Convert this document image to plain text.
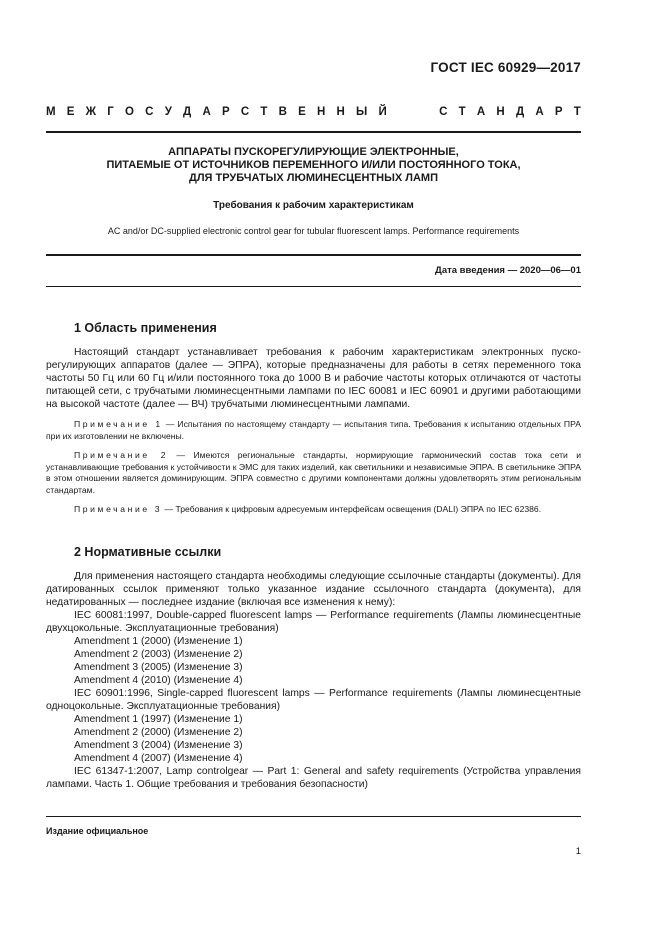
ГОСТ IEC 60929—2017
М Е Ж Г О С У Д А Р С Т В Е Н Н Ы Й	С Т А Н Д А Р Т
АППАРАТЫ ПУСКОРЕГУЛИРУЮЩИЕ ЭЛЕКТРОННЫЕ,
ПИТАЕМЫЕ ОТ ИСТОЧНИКОВ ПЕРЕМЕННОГО И/ИЛИ ПОСТОЯННОГО ТОКА,
ДЛЯ ТРУБЧАТЫХ ЛЮМИНЕСЦЕНТНЫХ ЛАМП
Требования к рабочим характеристикам
AC and/or DC-supplied electronic control gear for tubular fluorescent lamps. Performance requirements
Дата введения — 2020—06—01
1 Область применения

Настоящий стандарт устанавливает требования к рабочим характеристикам электронных пускорегулирующих аппаратов (далее — ЭПРА), которые предназначены для работы в сетях переменного тока частоты 50 Гц или 60 Гц и/или постоянного тока до 1000 В и рабочие частоты которых отличаются от частоты питающей сети, с трубчатыми люминесцентными лампами по IEC 60081 и IEC 60901 и другими работающими на высокой частоте (далее — ВЧ) трубчатыми люминесцентными лампами.

Примечание 1 — Испытания по настоящему стандарту — испытания типа. Требования к испытанию отдельных ПРА при их изготовлении не включены.

Примечание 2 — Имеются региональные стандарты, нормирующие гармонический состав тока сети и устанавливающие требования к устойчивости к ЭМС для таких изделий, как светильники и независимые ЭПРА. В светильнике ЭПРА в этом отношении является доминирующим. ЭПРА совместно с другими компонентами должны удовлетворять этим региональным стандартам.

Примечание 3 — Требования к цифровым адресуемым интерфейсам освещения (DALI) ЭПРА по IEC 62386.

2 Нормативные ссылки

Для применения настоящего стандарта необходимы следующие ссылочные стандарты (документы). Для датированных ссылок применяют только указанное издание ссылочного стандарта (документа), для недатированных — последнее издание (включая все изменения к нему):

IEC 60081:1997, Double-capped fluorescent lamps — Performance requirements (Лампы люминесцентные двухцокольные. Эксплуатационные требования)

Amendment 1 (2000) (Изменение 1)

Amendment 2 (2003) (Изменение 2)

Amendment 3 (2005) (Изменение 3)

Amendment 4 (2010) (Изменение 4)

IEC 60901:1996, Single-capped fluorescent lamps — Performance requirements (Лампы люминесцентные одноцокольные. Эксплуатационные требования)

Amendment 1 (1997) (Изменение 1)

Amendment 2 (2000) (Изменение 2)

Amendment 3 (2004) (Изменение 3)

Amendment 4 (2007) (Изменение 4)

IEC 61347-1:2007, Lamp controlgear — Part 1: General and safety requirements (Устройства управления лампами. Часть 1. Общие требования и требования безопасности)

Издание официальное
1
